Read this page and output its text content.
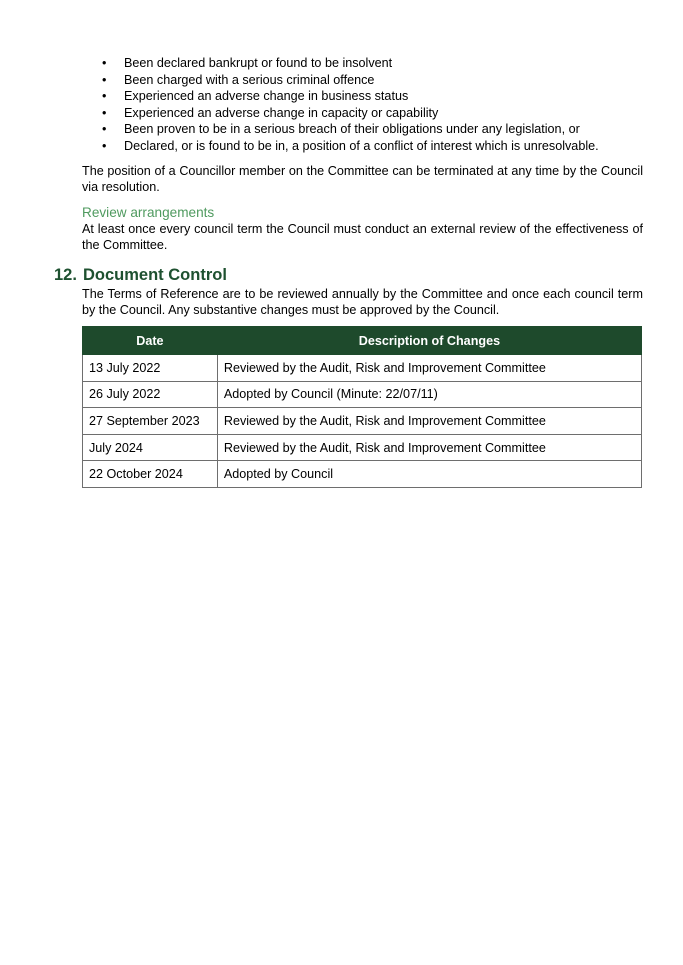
• Been declared bankrupt or found to be insolvent
• Been charged with a serious criminal offence
• Experienced an adverse change in business status
• Experienced an adverse change in capacity or capability
• Been proven to be in a serious breach of their obligations under any legislation, or
• Declared, or is found to be in, a position of a conflict of interest which is unresolvable.

The position of a Councillor member on the Committee can be terminated at any time by the Council via resolution.

Review arrangements

At least once every council term the Council must conduct an external review of the effectiveness of the Committee.

12. Document Control

The Terms of Reference are to be reviewed annually by the Committee and once each council term by the Council. Any substantive changes must be approved by the Council.

Date	Description of Changes
13 July 2022	Reviewed by the Audit, Risk and Improvement Committee
26 July 2022	Adopted by Council (Minute: 22/07/11)
27 September 2023	Reviewed by the Audit, Risk and Improvement Committee
July 2024	Reviewed by the Audit, Risk and Improvement Committee
22 October 2024	Adopted by Council
